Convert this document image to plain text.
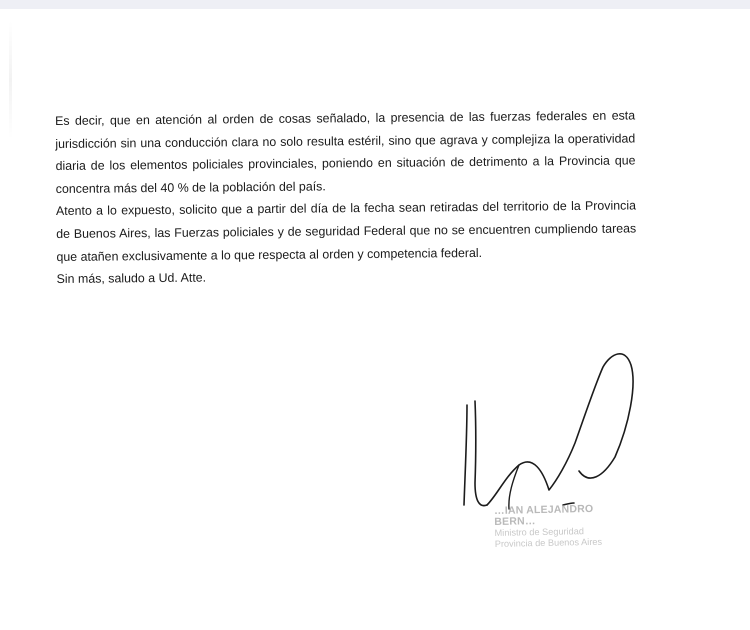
Es decir, que en atención al orden de cosas señalado, la presencia de las fuerzas federales en esta jurisdicción sin una conducción clara no solo resulta estéril, sino que agrava y complejiza la operatividad diaria de los elementos policiales provinciales, poniendo en situación de detrimento a la Provincia que concentra más del 40 % de la población del país.

Atento a lo expuesto, solicito que a partir del día de la fecha sean retiradas del territorio de la Provincia de Buenos Aires, las Fuerzas policiales y de seguridad Federal que no se encuentren cumpliendo tareas que atañen exclusivamente a lo que respecta al orden y competencia federal.

Sin más, saludo a Ud. Atte.

…IAN ALEJANDRO BERN…
Ministro de Seguridad
Provincia de Buenos Aires
